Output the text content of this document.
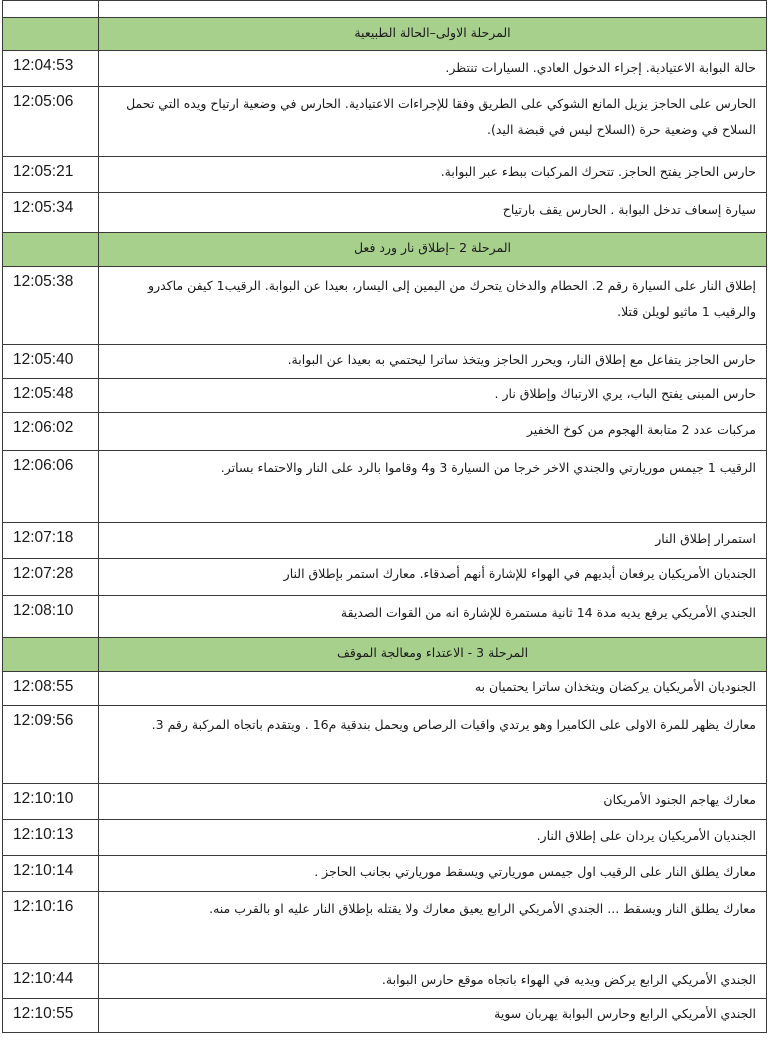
	المرحلة الاولى–الحالة الطبيعية
12:04:53	حالة البوابة الاعتيادية. إجراء الدخول العادي. السيارات تنتظر.
12:05:06	الحارس على الحاجز يزيل المانع الشوكي على الطريق وفقا للإجراءات الاعتيادية. الحارس في وضعية ارتياح ويده التي تحمل السلاح في وضعية حرة (السلاح ليس في قبضة اليد).
12:05:21	حارس الحاجز يفتح الحاجز. تتحرك المركبات ببطء عبر البوابة.
12:05:34	سيارة إسعاف تدخل البوابة . الحارس يقف بارتياح
	المرحلة 2 –إطلاق نار ورد فعل
12:05:38	إطلاق النار على السيارة رقم 2. الحطام والدخان يتحرك من اليمين إلى اليسار، بعيدا عن البوابة. الرقيب1 كيفن ماكدرو والرقيب 1 ماثيو لويلن قتلا.
12:05:40	حارس الحاجز يتفاعل مع إطلاق النار، ويحرر الحاجز ويتخذ ساترا ليحتمي به بعيدا عن البوابة.
12:05:48	حارس المبنى يفتح الباب، يري الارتباك وإطلاق نار .
12:06:02	مركبات عدد 2 متابعة الهجوم من كوخ الخفير
12:06:06	الرقيب 1 جيمس موريارتي والجندي الاخر خرجا من السيارة 3 و4 وقاموا بالرد على النار والاحتماء بساتر.
12:07:18	استمرار إطلاق النار
12:07:28	الجنديان الأمريكيان يرفعان أيديهم في الهواء للإشارة أنهم أصدقاء. معارك استمر بإطلاق النار
12:08:10	الجندي الأمريكي يرفع يديه مدة 14 ثانية مستمرة للإشارة انه من القوات الصديقة
	المرحلة 3 - الاعتداء ومعالجة الموقف
12:08:55	الجنوديان الأمريكيان يركضان ويتخذان ساترا يحتميان به
12:09:56	معارك يظهر للمرة الاولى على الكاميرا وهو يرتدي واقيات الرصاص ويحمل بندقية م16 . ويتقدم باتجاه المركبة رقم 3.
12:10:10	معارك يهاجم الجنود الأمريكان
12:10:13	الجنديان الأمريكيان يردان على إطلاق النار.
12:10:14	معارك يطلق النار على الرقيب اول جيمس موريارتي ويسقط موريارتي بجانب الحاجز .
12:10:16	معارك يطلق النار ويسقط ... الجندي الأمريكي الرابع يعيق معارك ولا يقتله بإطلاق النار عليه او بالقرب منه.
12:10:44	الجندي الأمريكي الرابع يركض ويديه في الهواء باتجاه موقع حارس البوابة.
12:10:55	الجندي الأمريكي الرابع وحارس البوابة يهربان سوية
